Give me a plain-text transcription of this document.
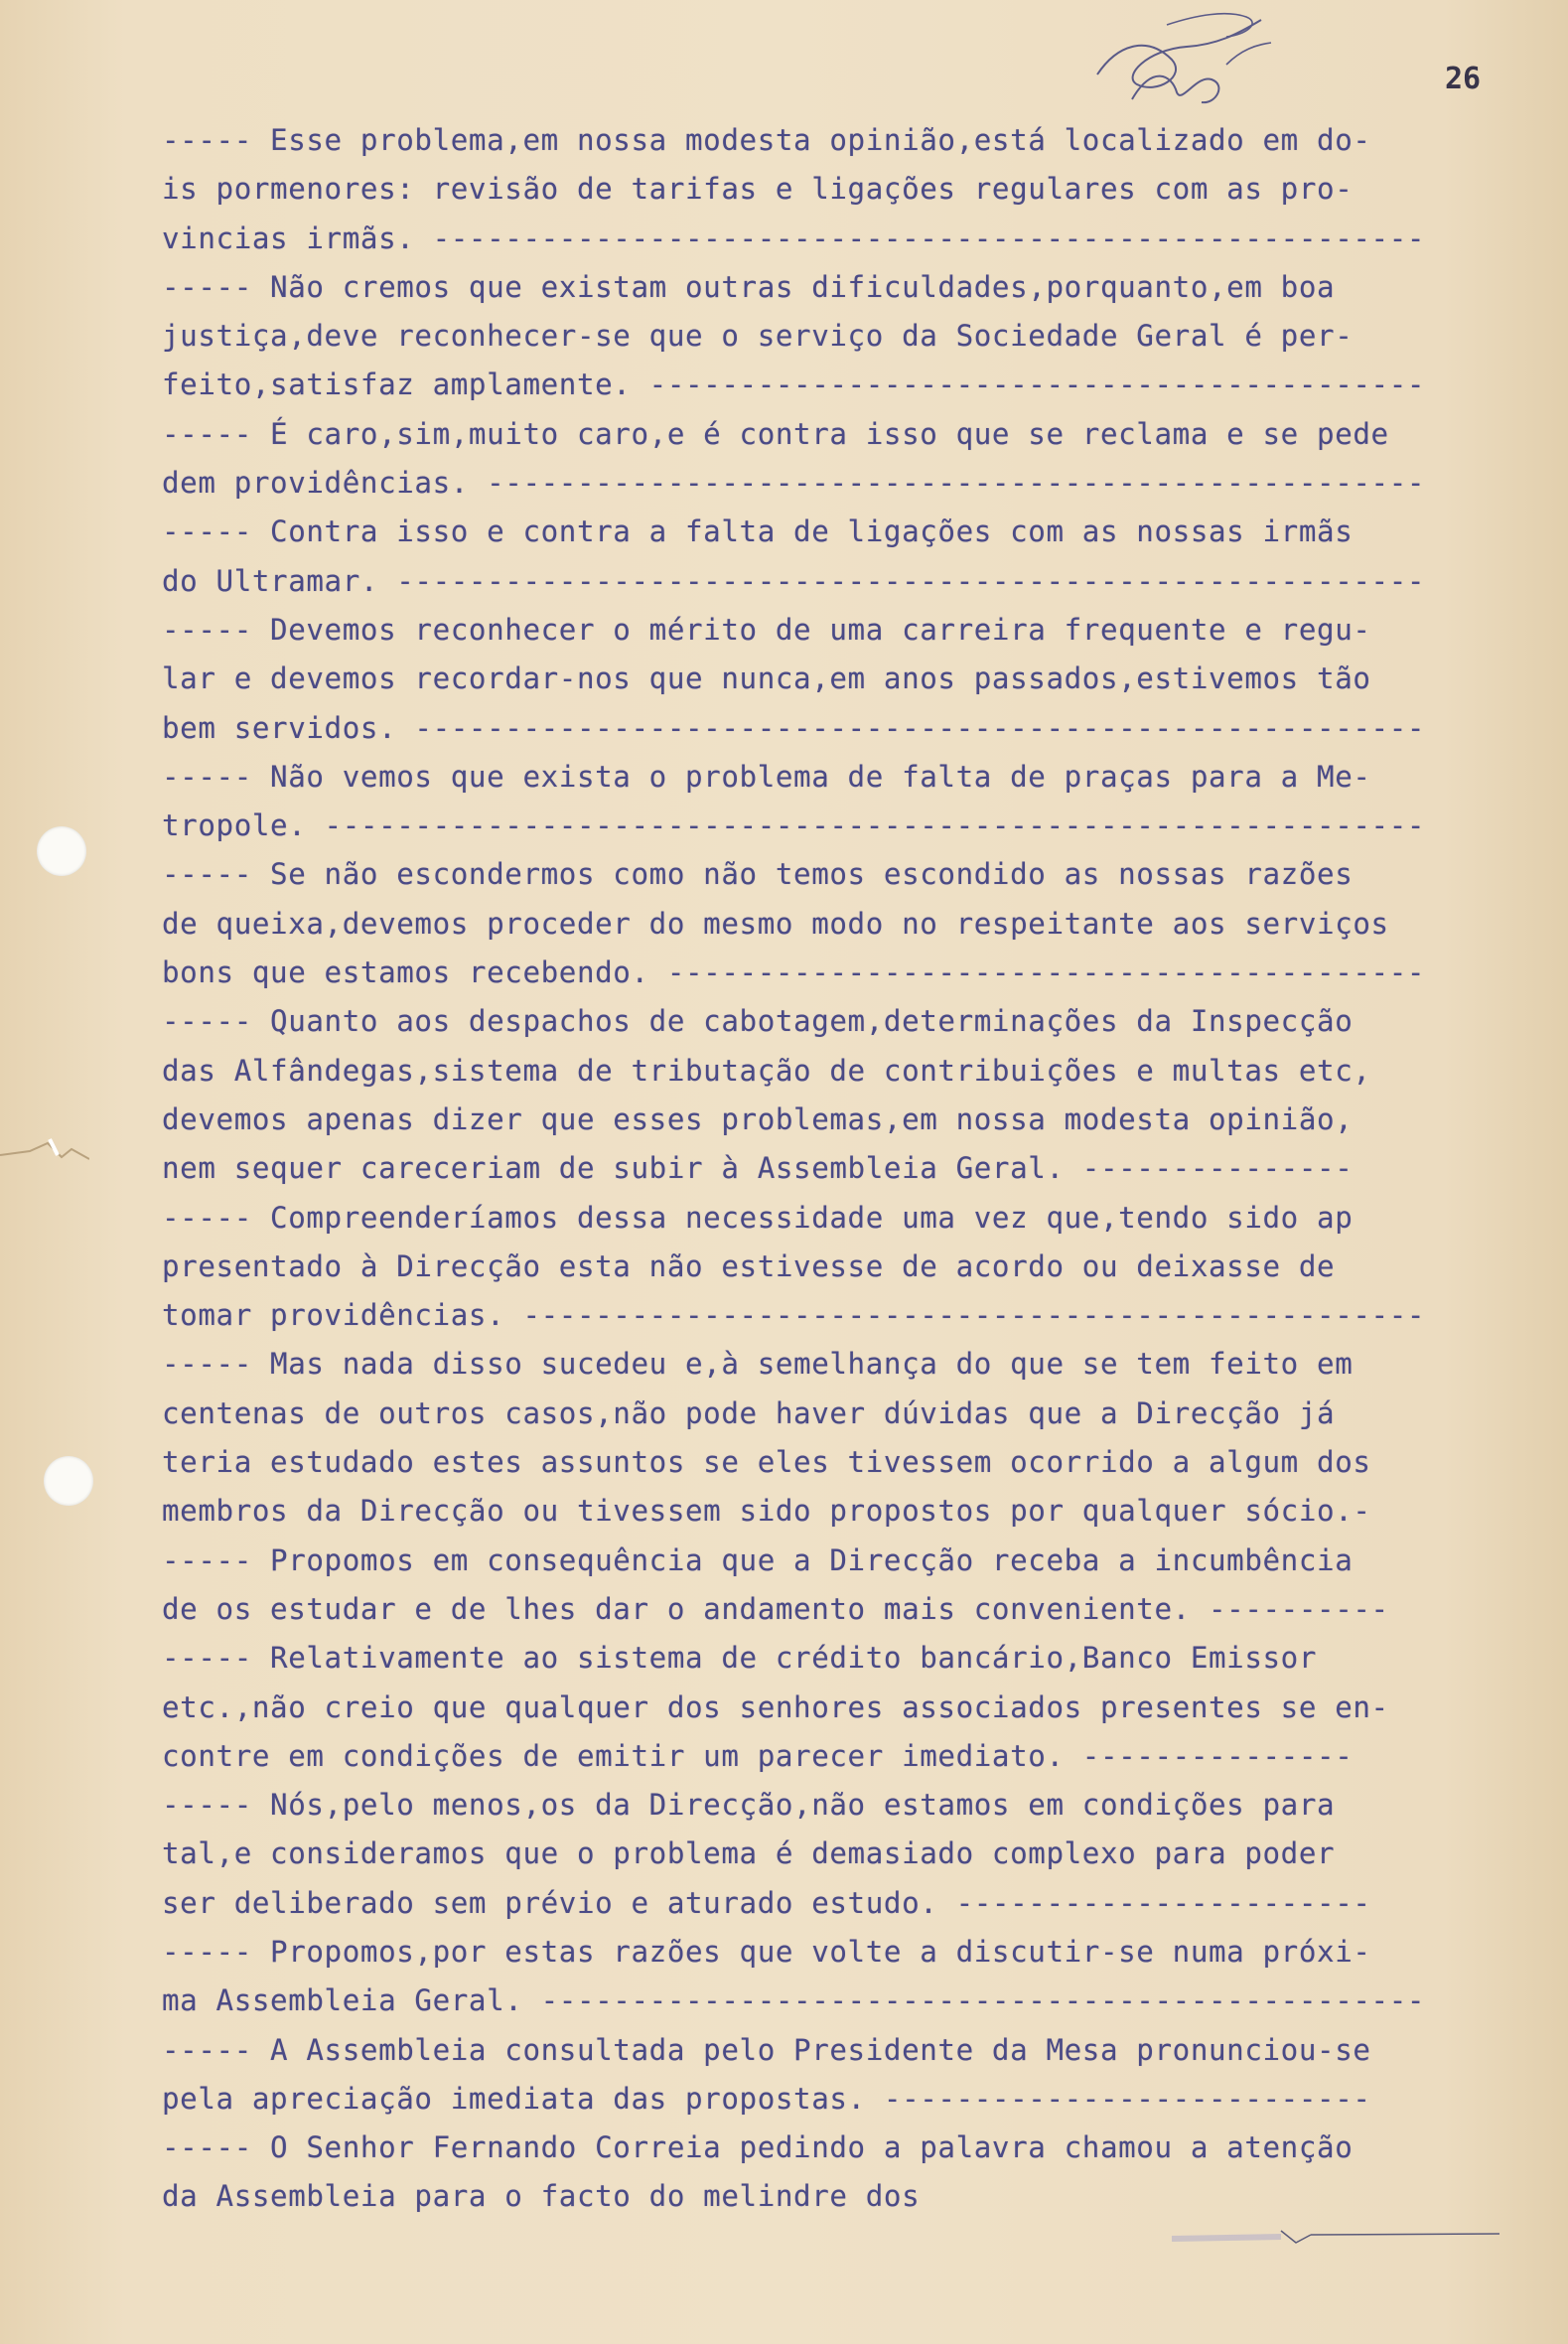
26
----- Esse problema,em nossa modesta opinião,está localizado em do-
is pormenores: revisão de tarifas e ligações regulares com as pro-
vincias irmãs. -------------------------------------------------------
----- Não cremos que existam outras dificuldades,porquanto,em boa
justiça,deve reconhecer-se que o serviço da Sociedade Geral é per-
feito,satisfaz amplamente. -------------------------------------------
----- É caro,sim,muito caro,e é contra isso que se reclama e se pede
dem providências. ----------------------------------------------------
----- Contra isso e contra a falta de ligações com as nossas irmãs
do Ultramar. ---------------------------------------------------------
----- Devemos reconhecer o mérito de uma carreira frequente e regu-
lar e devemos recordar-nos que nunca,em anos passados,estivemos tão
bem servidos. --------------------------------------------------------
----- Não vemos que exista o problema de falta de praças para a Me-
tropole. -------------------------------------------------------------
----- Se não escondermos como não temos escondido as nossas razões
de queixa,devemos proceder do mesmo modo no respeitante aos serviços
bons que estamos recebendo. ------------------------------------------
----- Quanto aos despachos de cabotagem,determinações da Inspecção
das Alfândegas,sistema de tributação de contribuições e multas etc,
devemos apenas dizer que esses problemas,em nossa modesta opinião,
nem sequer careceriam de subir à Assembleia Geral. ---------------
----- Compreenderíamos dessa necessidade uma vez que,tendo sido ap
presentado à Direcção esta não estivesse de acordo ou deixasse de
tomar providências. --------------------------------------------------
----- Mas nada disso sucedeu e,à semelhança do que se tem feito em
centenas de outros casos,não pode haver dúvidas que a Direcção já
teria estudado estes assuntos se eles tivessem ocorrido a algum dos
membros da Direcção ou tivessem sido propostos por qualquer sócio.-
----- Propomos em consequência que a Direcção receba a incumbência
de os estudar e de lhes dar o andamento mais conveniente. ----------
----- Relativamente ao sistema de crédito bancário,Banco Emissor
etc.,não creio que qualquer dos senhores associados presentes se en-
contre em condições de emitir um parecer imediato. ---------------
----- Nós,pelo menos,os da Direcção,não estamos em condições para
tal,e consideramos que o problema é demasiado complexo para poder
ser deliberado sem prévio e aturado estudo. -----------------------
----- Propomos,por estas razões que volte a discutir-se numa próxi-
ma Assembleia Geral. -------------------------------------------------
----- A Assembleia consultada pelo Presidente da Mesa pronunciou-se
pela apreciação imediata das propostas. ---------------------------
----- O Senhor Fernando Correia pedindo a palavra chamou a atenção
da Assembleia para o facto do melindre dos
